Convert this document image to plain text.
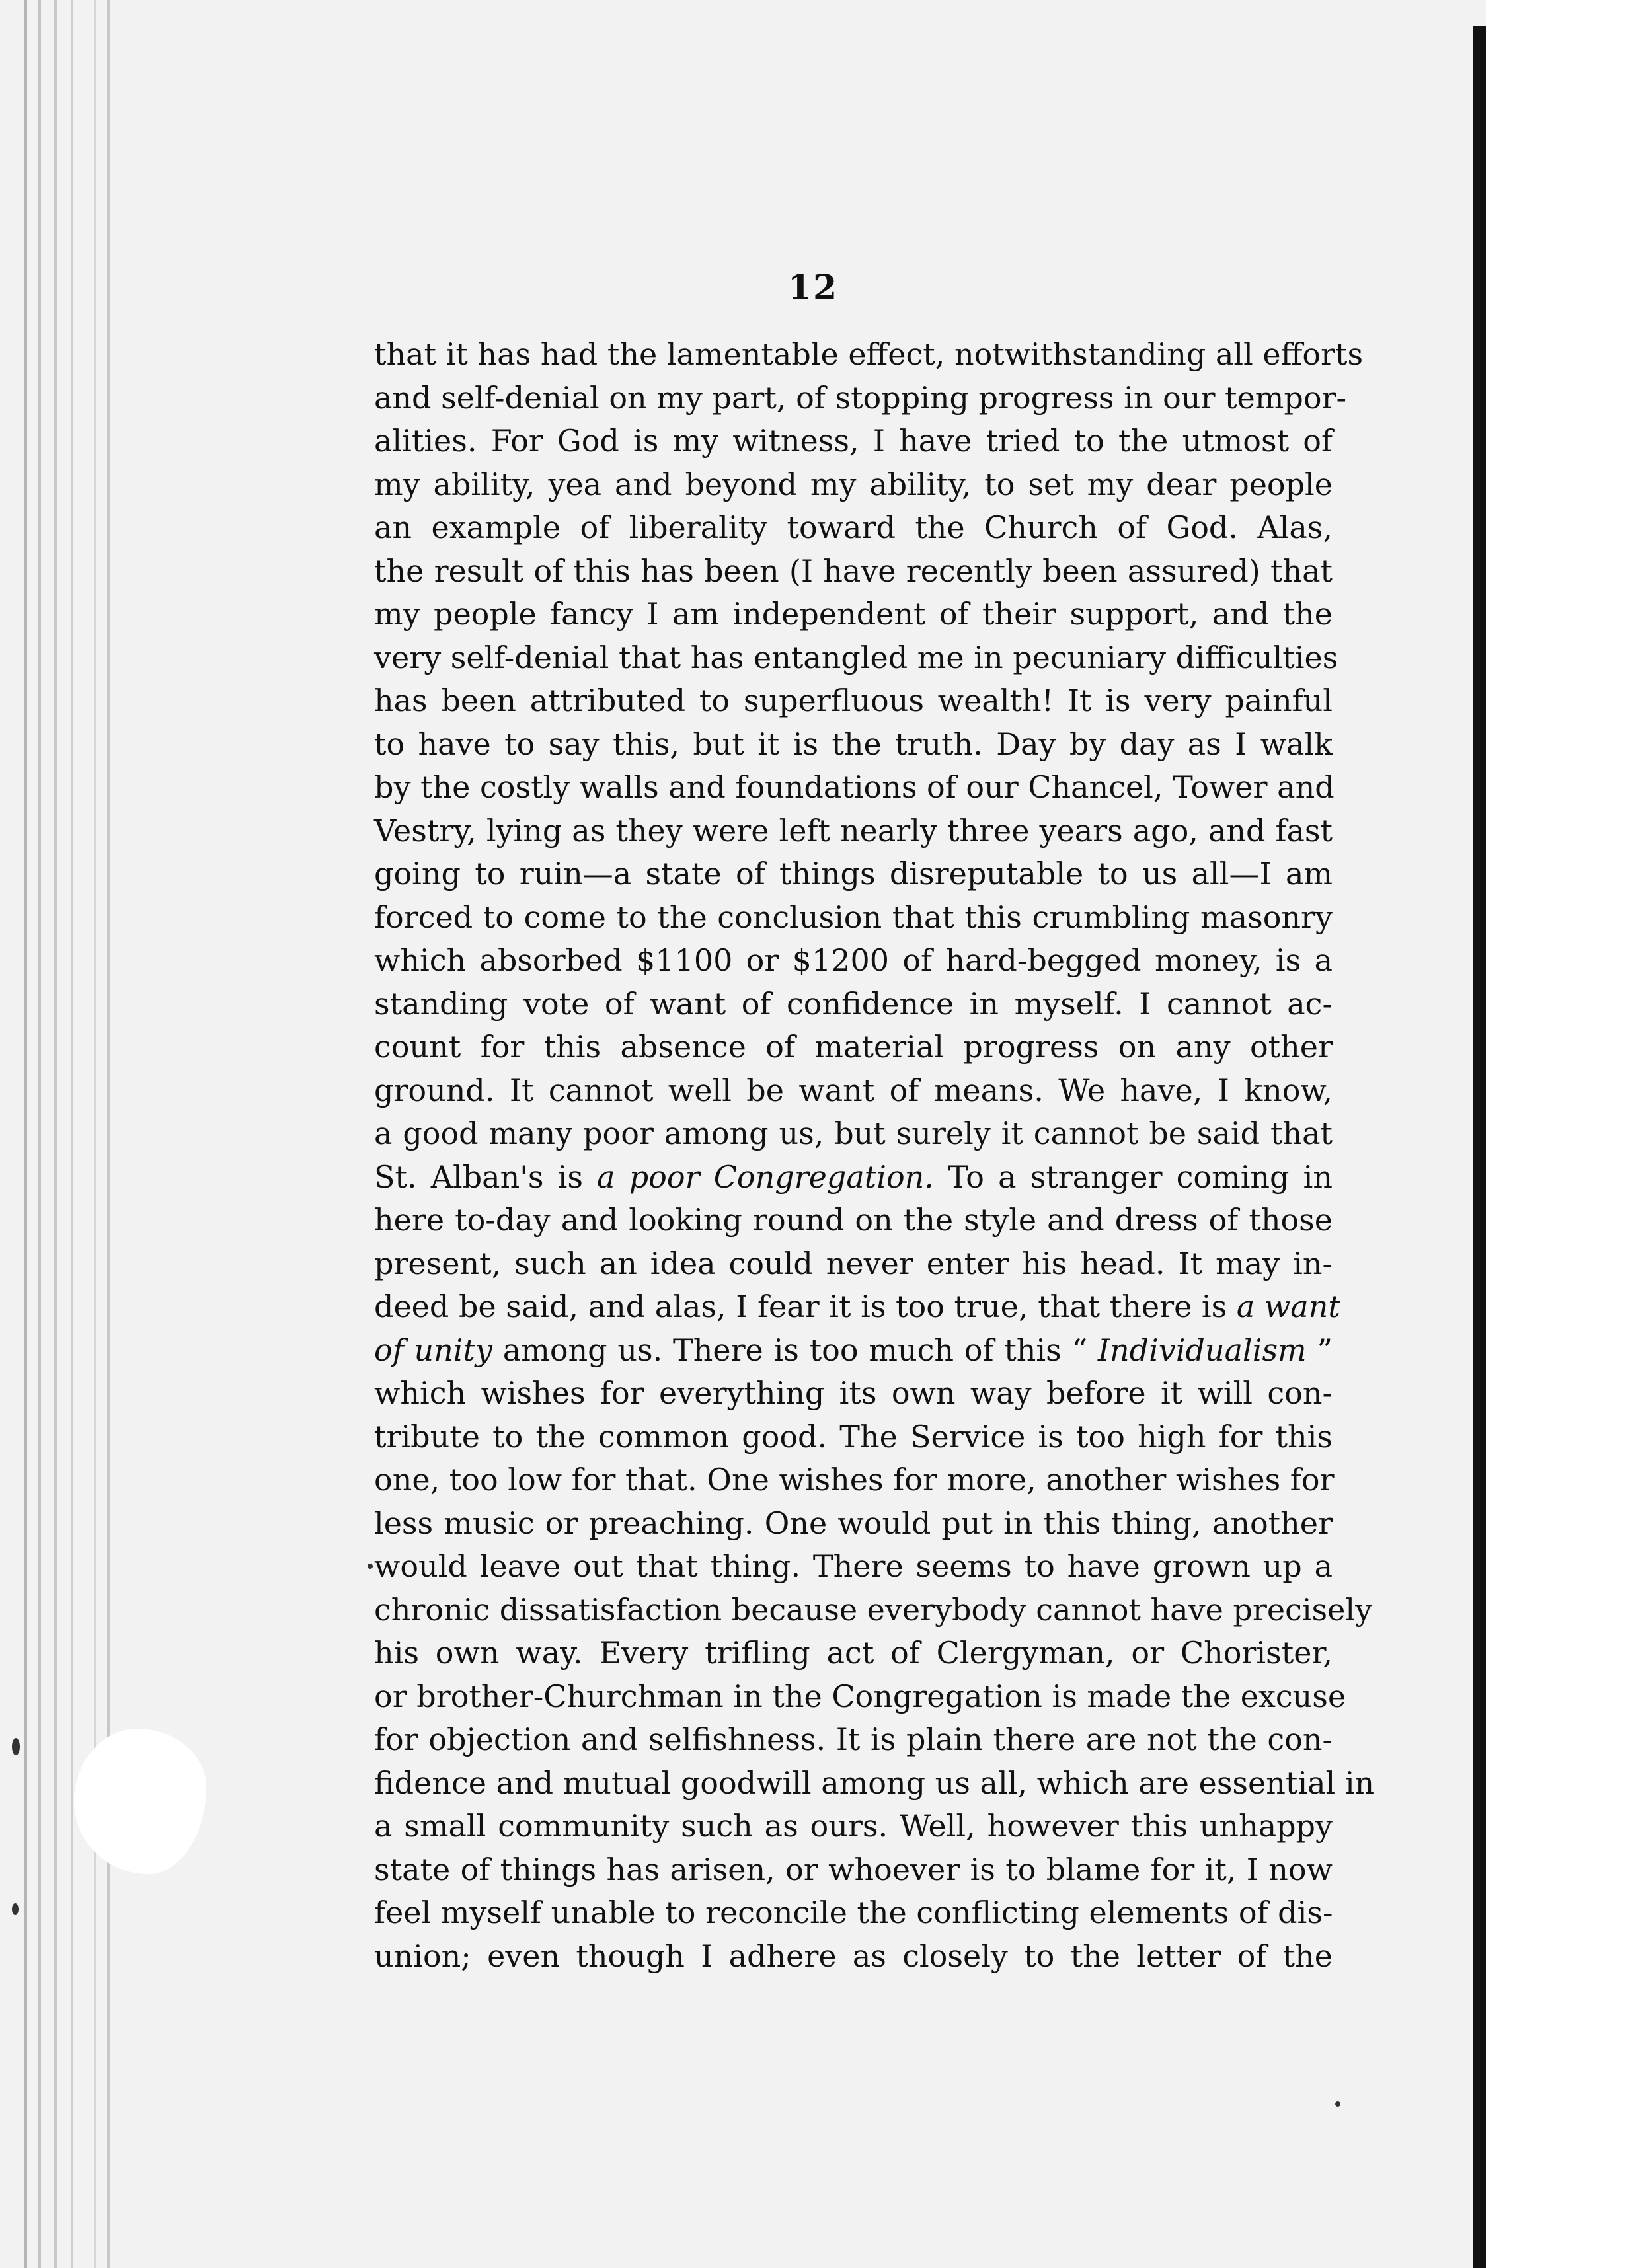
12
that it has had the lamentable effect, notwithstanding all efforts
and self-denial on my part, of stopping progress in our tempor-
alities. For God is my witness, I have tried to the utmost of
my ability, yea and beyond my ability, to set my dear people
an example of liberality toward the Church of God. Alas,
the result of this has been (I have recently been assured) that
my people fancy I am independent of their support, and the
very self-denial that has entangled me in pecuniary difficulties
has been attributed to superfluous wealth! It is very painful
to have to say this, but it is the truth. Day by day as I walk
by the costly walls and foundations of our Chancel, Tower and
Vestry, lying as they were left nearly three years ago, and fast
going to ruin—a state of things disreputable to us all—I am
forced to come to the conclusion that this crumbling masonry
which absorbed $1100 or $1200 of hard-begged money, is a
standing vote of want of confidence in myself. I cannot ac-
count for this absence of material progress on any other
ground. It cannot well be want of means. We have, I know,
a good many poor among us, but surely it cannot be said that
St. Alban's is a poor Congregation. To a stranger coming in
here to-day and looking round on the style and dress of those
present, such an idea could never enter his head. It may in-
deed be said, and alas, I fear it is too true, that there is a want
of unity among us. There is too much of this “ Individualism ”
which wishes for everything its own way before it will con-
tribute to the common good. The Service is too high for this
one, too low for that. One wishes for more, another wishes for
less music or preaching. One would put in this thing, another
would leave out that thing. There seems to have grown up a
chronic dissatisfaction because everybody cannot have precisely
his own way. Every trifling act of Clergyman, or Chorister,
or brother-Churchman in the Congregation is made the excuse
for objection and selfishness. It is plain there are not the con-
fidence and mutual goodwill among us all, which are essential in
a small community such as ours. Well, however this unhappy
state of things has arisen, or whoever is to blame for it, I now
feel myself unable to reconcile the conflicting elements of dis-
union; even though I adhere as closely to the letter of the
